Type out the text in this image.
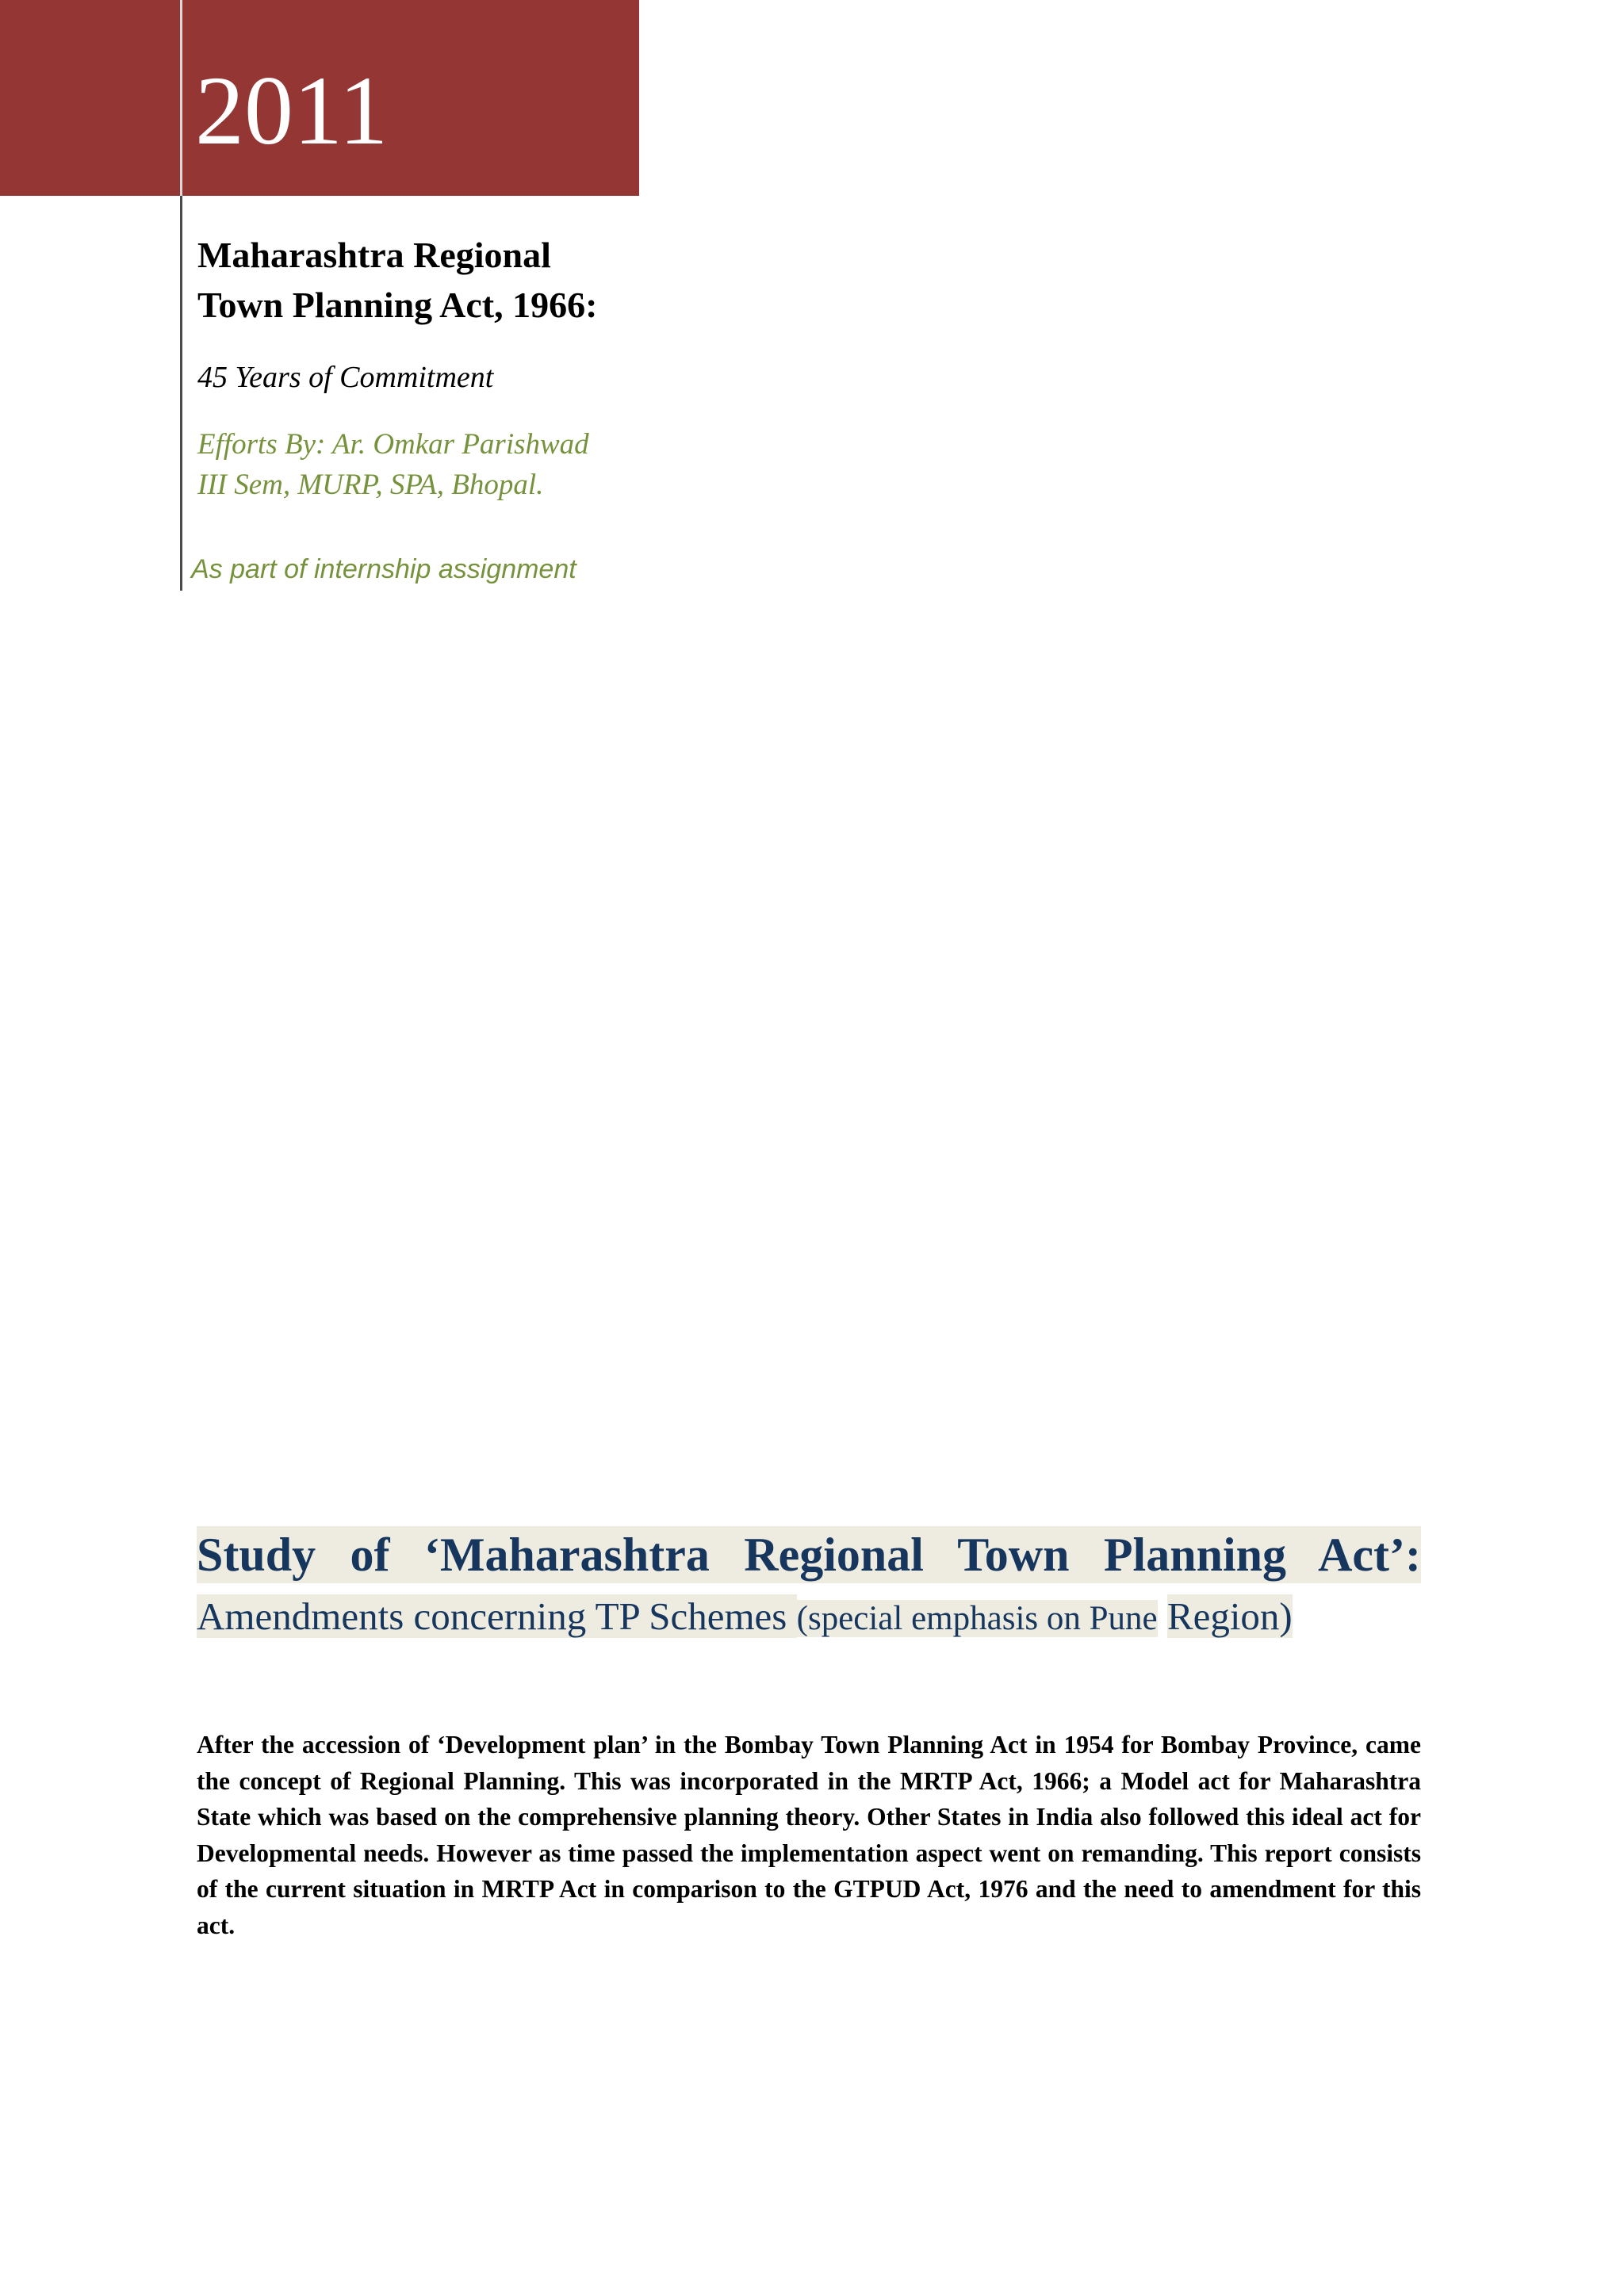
2011
Maharashtra Regional
Town Planning Act, 1966:
45 Years of Commitment
Efforts By: Ar. Omkar Parishwad
III Sem, MURP, SPA, Bhopal.
As part of internship assignment
Study of ‘Maharashtra Regional Town Planning Act’:
Amendments concerning TP Schemes (special emphasis on Pune Region)
After the accession of ‘Development plan’ in the Bombay Town Planning Act in 1954 for Bombay Province, came the concept of Regional Planning. This was incorporated in the MRTP Act, 1966; a Model act for Maharashtra State which was based on the comprehensive planning theory. Other States in India also followed this ideal act for Developmental needs. However as time passed the implementation aspect went on remanding. This report consists of the current situation in MRTP Act in comparison to the GTPUD Act, 1976 and the need to amendment for this act.
